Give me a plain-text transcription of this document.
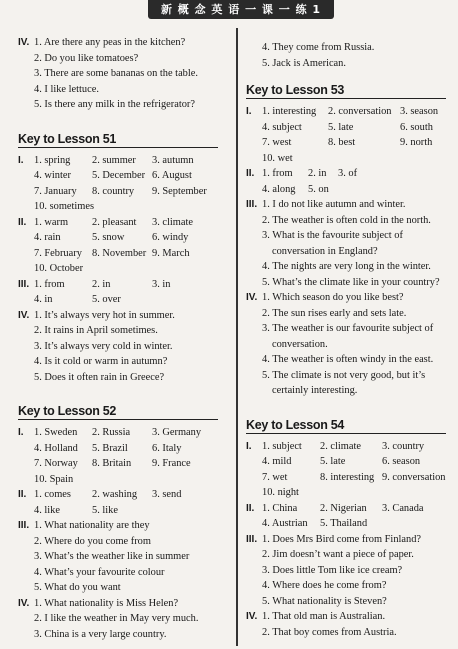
新 概 念 英 语 一 课 一 练 1
IV. 1. Are there any peas in the kitchen?
2. Do you like tomatoes?
3. There are some bananas on the table.
4. I like lettuce.
5. Is there any milk in the refrigerator?
Key to Lesson 51
I.	1. spring 2. summer 3. autumn
4. winter 5. December 6. August
7. January 8. country 9. September
10. sometimes
II. 1. warm 2. pleasant 3. climate
4. rain	5. snow	6. windy
7. February 8. November 9. March
10. October
III. 1. from	2. in	3. in
4. in	5. over
IV. 1. It’s always very hot in summer.
2. It rains in April sometimes.
3. It’s always very cold in winter.
4. Is it cold or warm in autumn?
5. Does it often rain in Greece?
Key to Lesson 52
I.	1. Sweden 2. Russia 3. Germany
4. Holland 5. Brazil 6. Italy
7. Norway 8. Britain 9. France
10. Spain
II. 1. comes 2. washing 3. send
4. like	5. like
III. 1. What nationality are they
2. Where do you come from
3. What’s the weather like in summer
4. What’s your favourite colour
5. What do you want
IV. 1. What nationality is Miss Helen?
2. I like the weather in May very much.
3. China is a very large country.
4. They come from Russia.
5. Jack is American.
Key to Lesson 53
I.	1. interesting 2. conversation 3. season
4. subject	5. late	6. south
7. west	8. best	9. north
10. wet
II. 1. from 2. in 3. of
4. along 5. on
III. 1. I do not like autumn and winter.
2. The weather is often cold in the north.
3. What is the favourite subject of conversation in England?
4. The nights are very long in the winter.
5. What’s the climate like in your country?
IV. 1. Which season do you like best?
2. The sun rises early and sets late.
3. The weather is our favourite subject of conversation.
4. The weather is often windy in the east.
5. The climate is not very good, but it’s certainly interesting.
Key to Lesson 54
I.	1. subject 2. climate 3. country
4. mild	5. late	6. season
7. wet	8. interesting 9. conversation
10. night
II. 1. China 2. Nigerian 3. Canada
4. Austrian 5. Thailand
III. 1. Does Mrs Bird come from Finland?
2. Jim doesn’t want a piece of paper.
3. Does little Tom like ice cream?
4. Where does he come from?
5. What nationality is Steven?
IV. 1. That old man is Australian.
2. That boy comes from Austria.
